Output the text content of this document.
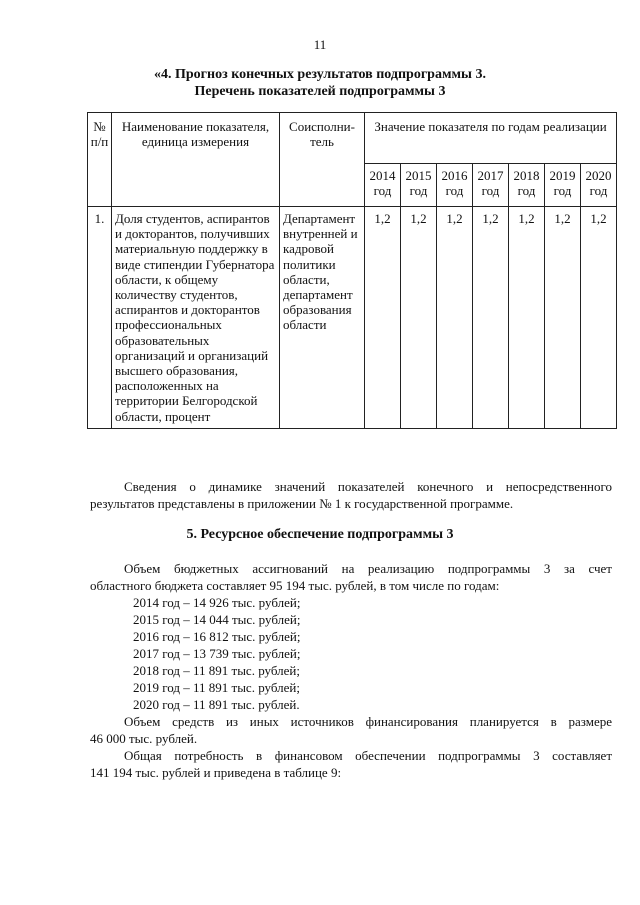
11
«4. Прогноз конечных результатов подпрограммы 3.
Перечень показателей подпрограммы 3
№ п/п	Наименование показателя, единица измерения	Соисполни-тель	Значение показателя по годам реализации						
			2014 год	2015 год	2016 год	2017 год	2018 год	2019 год	2020 год
1.	Доля студентов, аспирантов и докторантов, получивших материальную поддержку в виде стипендии Губернатора области, к общему количеству студентов, аспирантов и докторантов профессиональных образовательных организаций и организаций высшего образования, расположенных на территории Белгородской области, процент	Департамент внутренней и кадровой политики области, департамент образования области	1,2	1,2	1,2	1,2	1,2	1,2	1,2
Сведения о динамике значений показателей конечного и непосредственного
результатов представлены в приложении № 1 к государственной программе.
5. Ресурсное обеспечение подпрограммы 3
Объем бюджетных ассигнований на реализацию подпрограммы 3 за счет
областного бюджета составляет 95 194 тыс. рублей, в том числе по годам:
2014 год – 14 926 тыс. рублей;
2015 год – 14 044 тыс. рублей;
2016 год – 16 812 тыс. рублей;
2017 год – 13 739 тыс. рублей;
2018 год – 11 891 тыс. рублей;
2019 год – 11 891 тыс. рублей;
2020 год – 11 891 тыс. рублей.
Объем средств из иных источников финансирования планируется в размере
46 000 тыс. рублей.
Общая потребность в финансовом обеспечении подпрограммы 3 составляет
141 194 тыс. рублей и приведена в таблице 9:
